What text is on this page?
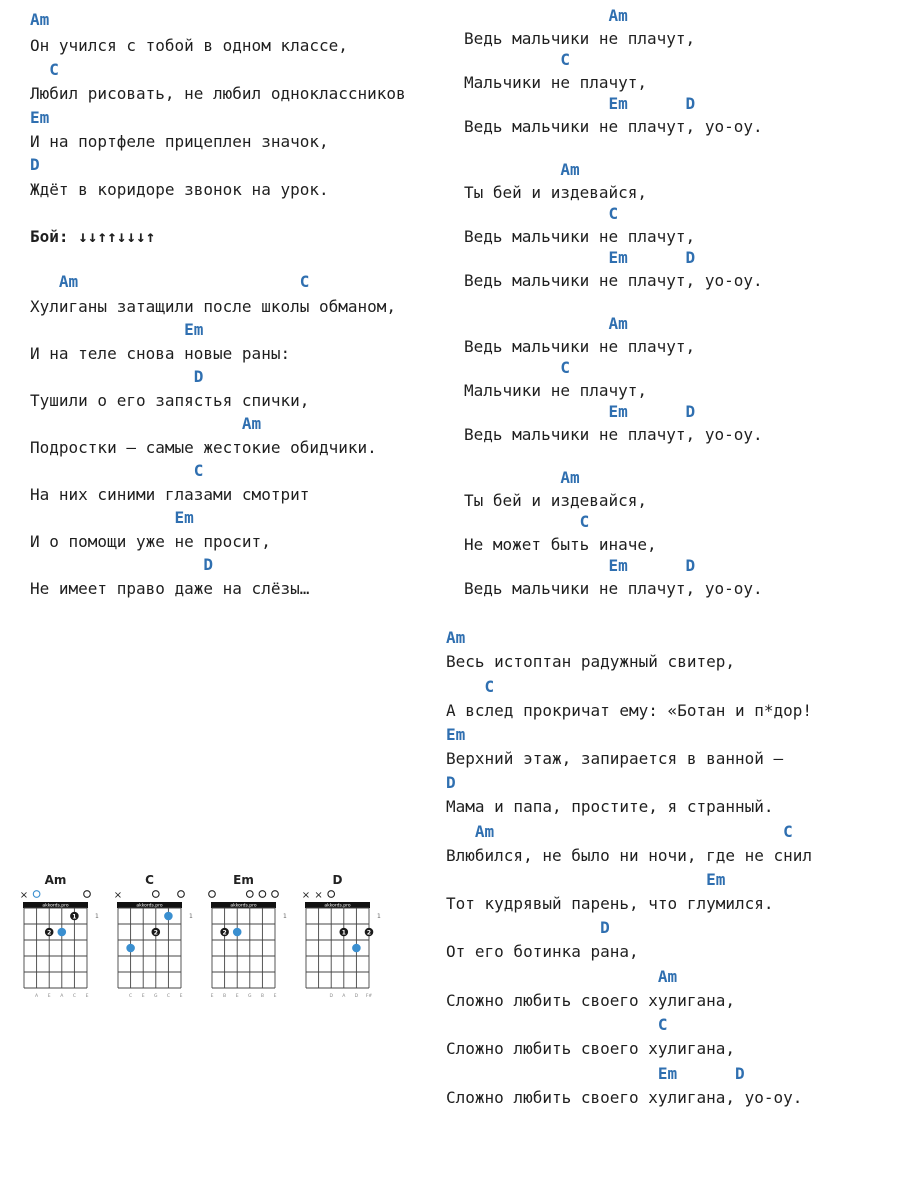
Am
Он учился с тобой в одном классе,
C
Любил рисовать, не любил одноклассников
Em
И на портфеле прицеплен значок,
D
Ждёт в коридоре звонок на урок.
Бой: ↓↓↑↑↓↓↓↑
Am                       C
Хулиганы затащили после школы обманом,
Em
И на теле снова новые раны:
D
Тушили о его запястья спички,
Am
Подростки — самые жестокие обидчики.
C
На них синими глазами смотрит
Em
И о помощи уже не просит,
D
Не имеет право даже на слёзы…
Am
Ведь мальчики не плачут,
C
Мальчики не плачут,
Em      D
Ведь мальчики не плачут, уо-оу.
Am
Ты бей и издевайся,
C
Ведь мальчики не плачут,
Em      D
Ведь мальчики не плачут, уо-оу.
Am
Ведь мальчики не плачут,
C
Мальчики не плачут,
Em      D
Ведь мальчики не плачут, уо-оу.
Am
Ты бей и издевайся,
C
Не может быть иначе,
Em      D
Ведь мальчики не плачут, уо-оу.
Am
Весь истоптан радужный свитер,
C
А вслед прокричат ему: «Ботан и п*дор!
Em
Верхний этаж, запирается в ванной —
D
Мама и папа, простите, я странный.
Am                              C
Влюбился, не было ни ночи, где не снил
Em
Тот кудрявый парень, что глумился.
D
От его ботинка рана,
Am
Сложно любить своего хулигана,
C
Сложно любить своего хулигана,
Em      D
Сложно любить своего хулигана, уо-оу.
Am
×
akkords.pro
1
1
2
A E A C E
C
×
akkords.pro
1
2
C E G C E
Em
akkords.pro
1
2
E B E G B E
D
× ×
akkords.pro
1
1	2
D A D F#
